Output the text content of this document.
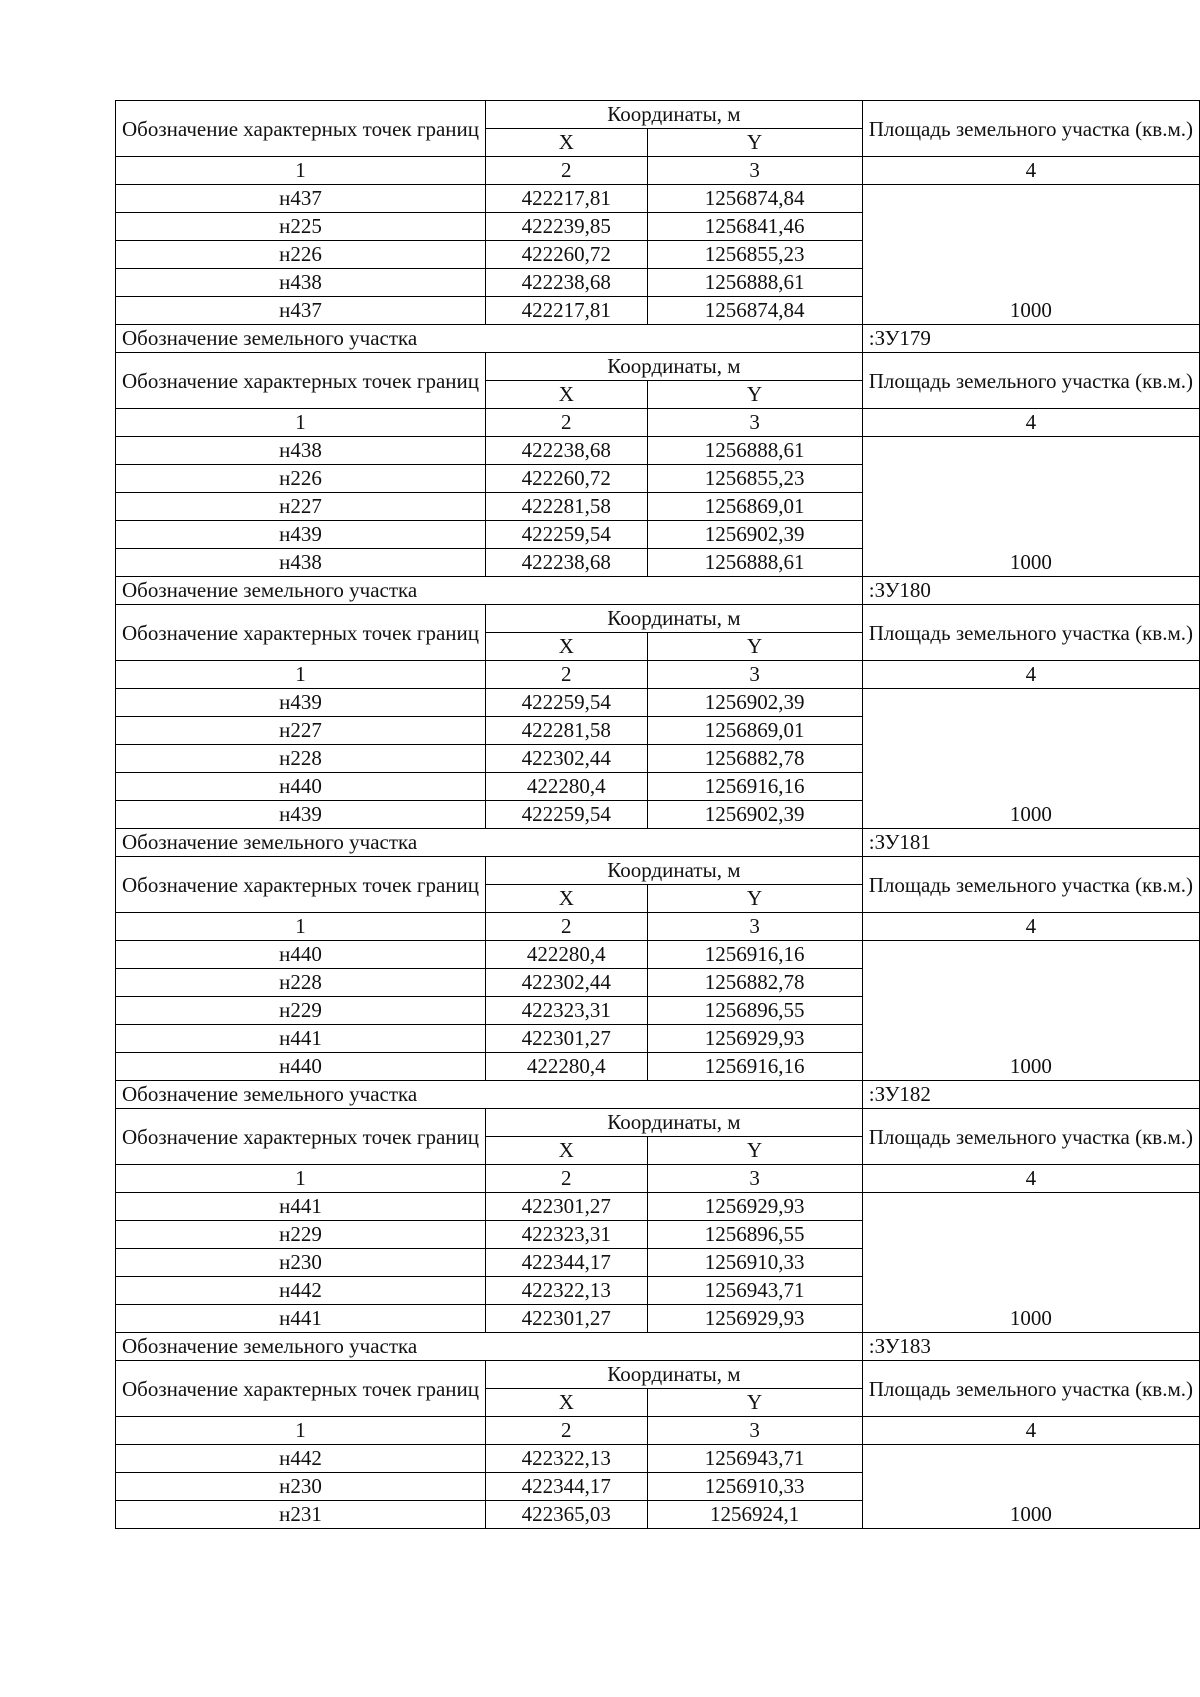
Обозначение характерных точек границ	Координаты, м		Площадь земельного участка (кв.м.)
	X	Y	
1	2	3	4
н437	422217,81	1256874,84	1000
н225	422239,85	1256841,46	
н226	422260,72	1256855,23	
н438	422238,68	1256888,61	
н437	422217,81	1256874,84	
Обозначение земельного участка			:ЗУ179
Обозначение характерных точек границ	Координаты, м		Площадь земельного участка (кв.м.)
	X	Y	
1	2	3	4
н438	422238,68	1256888,61	1000
н226	422260,72	1256855,23	
н227	422281,58	1256869,01	
н439	422259,54	1256902,39	
н438	422238,68	1256888,61	
Обозначение земельного участка			:ЗУ180
Обозначение характерных точек границ	Координаты, м		Площадь земельного участка (кв.м.)
	X	Y	
1	2	3	4
н439	422259,54	1256902,39	1000
н227	422281,58	1256869,01	
н228	422302,44	1256882,78	
н440	422280,4	1256916,16	
н439	422259,54	1256902,39	
Обозначение земельного участка			:ЗУ181
Обозначение характерных точек границ	Координаты, м		Площадь земельного участка (кв.м.)
	X	Y	
1	2	3	4
н440	422280,4	1256916,16	1000
н228	422302,44	1256882,78	
н229	422323,31	1256896,55	
н441	422301,27	1256929,93	
н440	422280,4	1256916,16	
Обозначение земельного участка			:ЗУ182
Обозначение характерных точек границ	Координаты, м		Площадь земельного участка (кв.м.)
	X	Y	
1	2	3	4
н441	422301,27	1256929,93	1000
н229	422323,31	1256896,55	
н230	422344,17	1256910,33	
н442	422322,13	1256943,71	
н441	422301,27	1256929,93	
Обозначение земельного участка			:ЗУ183
Обозначение характерных точек границ	Координаты, м		Площадь земельного участка (кв.м.)
	X	Y	
1	2	3	4
н442	422322,13	1256943,71	1000
н230	422344,17	1256910,33	
н231	422365,03	1256924,1	
